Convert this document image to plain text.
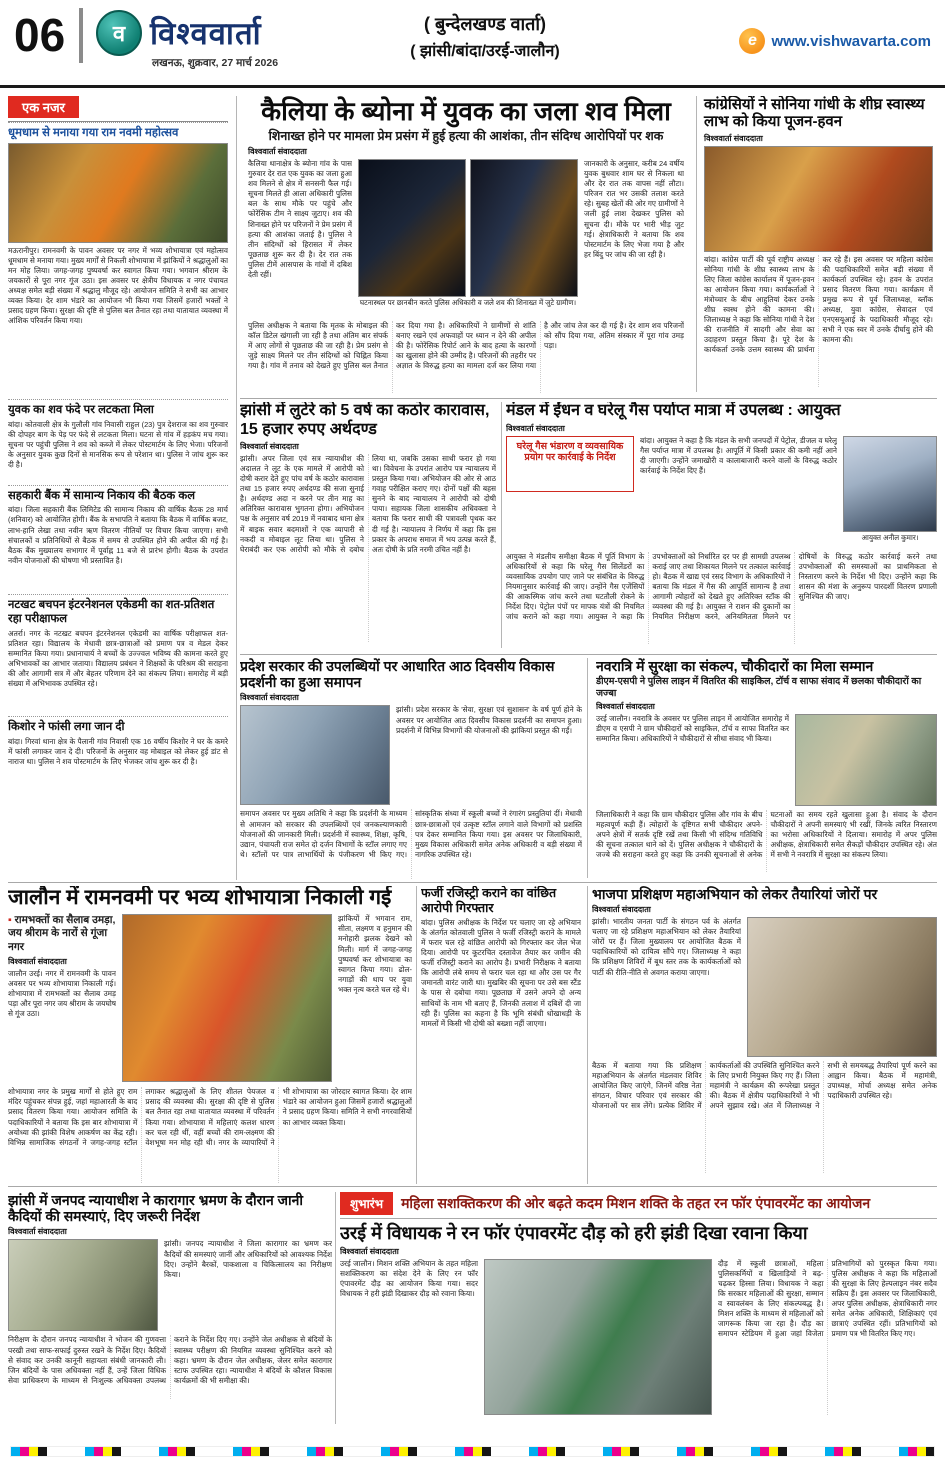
06	व विश्ववार्ता
लखनऊ, शुक्रवार, 27 मार्च 2026
( बुन्देलखण्ड वार्ता)
( झांसी/बांदा/उरई-जालौन)
e www.vishwavarta.com
एक नजर
धूमधाम से मनाया गया राम नवमी महोत्सव
मऊरानीपुर। रामनवमी के पावन अवसर पर नगर में भव्य शोभायात्रा एवं महोत्सव धूमधाम से मनाया गया। मुख्य मार्गों से निकली शोभायात्रा में झांकियों ने श्रद्धालुओं का मन मोह लिया। जगह-जगह पुष्पवर्षा कर स्वागत किया गया। भगवान श्रीराम के जयकारों से पूरा नगर गूंज उठा। इस अवसर पर क्षेत्रीय विधायक व नगर पंचायत अध्यक्ष समेत बड़ी संख्या में श्रद्धालु मौजूद रहे। आयोजन समिति ने सभी का आभार व्यक्त किया। देर शाम भंडारे का आयोजन भी किया गया जिसमें हजारों भक्तों ने प्रसाद ग्रहण किया। सुरक्षा की दृष्टि से पुलिस बल तैनात रहा तथा यातायात व्यवस्था में आंशिक परिवर्तन किया गया।
युवक का शव फंदे पर लटकता मिला
बांदा। कोतवाली क्षेत्र के गुलौली गांव निवासी राहुल (23) पुत्र देशराज का शव गुरुवार की दोपहर बाग के पेड़ पर फंदे से लटकता मिला। घटना से गांव में हड़कंप मच गया। सूचना पर पहुंची पुलिस ने शव को कब्जे में लेकर पोस्टमार्टम के लिए भेजा। परिजनों के अनुसार युवक कुछ दिनों से मानसिक रूप से परेशान था। पुलिस ने जांच शुरू कर दी है।
सहकारी बैंक में सामान्य निकाय की बैठक कल
बांदा। जिला सहकारी बैंक लिमिटेड की सामान्य निकाय की वार्षिक बैठक 28 मार्च (शनिवार) को आयोजित होगी। बैंक के सभापति ने बताया कि बैठक में वार्षिक बजट, लाभ-हानि लेखा तथा नवीन ऋण वितरण नीतियों पर विचार किया जाएगा। सभी संचालकों व प्रतिनिधियों से बैठक में समय से उपस्थित होने की अपील की गई है। बैठक बैंक मुख्यालय सभागार में पूर्वाह्न 11 बजे से प्रारंभ होगी। बैठक के उपरांत नवीन योजनाओं की घोषणा भी प्रस्तावित है।
नटखट बचपन इंटरनेशनल एकेडमी का शत-प्रतिशत रहा परीक्षाफल
अतर्रा। नगर के नटखट बचपन इंटरनेशनल एकेडमी का वार्षिक परीक्षाफल शत-प्रतिशत रहा। विद्यालय के मेधावी छात्र-छात्राओं को प्रमाण पत्र व मेडल देकर सम्मानित किया गया। प्रधानाचार्य ने बच्चों के उज्ज्वल भविष्य की कामना करते हुए अभिभावकों का आभार जताया। विद्यालय प्रबंधन ने शिक्षकों के परिश्रम की सराहना की और आगामी सत्र में और बेहतर परिणाम देने का संकल्प लिया। समारोह में बड़ी संख्या में अभिभावक उपस्थित रहे।
किशोर ने फांसी लगा जान दी
बांदा। गिरवां थाना क्षेत्र के पैलानी गांव निवासी एक 16 वर्षीय किशोर ने घर के कमरे में फांसी लगाकर जान दे दी। परिजनों के अनुसार वह मोबाइल को लेकर हुई डांट से नाराज था। पुलिस ने शव पोस्टमार्टम के लिए भेजकर जांच शुरू कर दी है।
कैलिया के ब्योना में युवक का जला शव मिला
शिनाख्त होने पर मामला प्रेम प्रसंग में हुई हत्या की आशंका, तीन संदिग्ध आरोपियों पर शक
विश्ववार्ता संवाददाता
कैलिया थानाक्षेत्र के ब्योना गांव के पास गुरुवार देर रात एक युवक का जला हुआ शव मिलने से क्षेत्र में सनसनी फैल गई। सूचना मिलते ही आला अधिकारी पुलिस बल के साथ मौके पर पहुंचे और फोरेंसिक टीम ने साक्ष्य जुटाए। शव की शिनाख्त होने पर परिजनों ने प्रेम प्रसंग में हत्या की आशंका जताई है। पुलिस ने तीन संदिग्धों को हिरासत में लेकर पूछताछ शुरू कर दी है। देर रात तक पुलिस टीमें आसपास के गांवों में दबिश देती रहीं।
घटनास्थल पर छानबीन करते पुलिस अधिकारी व जले शव की शिनाख्त में जुटे ग्रामीण।
जानकारी के अनुसार, करीब 24 वर्षीय युवक बुधवार शाम घर से निकला था और देर रात तक वापस नहीं लौटा। परिजन रात भर उसकी तलाश करते रहे। सुबह खेतों की ओर गए ग्रामीणों ने जली हुई लाश देखकर पुलिस को सूचना दी। मौके पर भारी भीड़ जुट गई। क्षेत्राधिकारी ने बताया कि शव पोस्टमार्टम के लिए भेजा गया है और हर बिंदु पर जांच की जा रही है।
पुलिस अधीक्षक ने बताया कि मृतक के मोबाइल की कॉल डिटेल खंगाली जा रही है तथा अंतिम बार संपर्क में आए लोगों से पूछताछ की जा रही है। प्रेम प्रसंग से जुड़े साक्ष्य मिलने पर तीन संदिग्धों को चिह्नित किया गया है। गांव में तनाव को देखते हुए पुलिस बल तैनात कर दिया गया है। अधिकारियों ने ग्रामीणों से शांति बनाए रखने एवं अफवाहों पर ध्यान न देने की अपील की है। फोरेंसिक रिपोर्ट आने के बाद हत्या के कारणों का खुलासा होने की उम्मीद है। परिजनों की तहरीर पर अज्ञात के विरुद्ध हत्या का मामला दर्ज कर लिया गया है और जांच तेज कर दी गई है। देर शाम शव परिजनों को सौंप दिया गया, अंतिम संस्कार में पूरा गांव उमड़ पड़ा।
कांग्रेसियों ने सोनिया गांधी के शीघ्र स्वास्थ्य लाभ को किया पूजन-हवन
विश्ववार्ता संवाददाता
बांदा। कांग्रेस पार्टी की पूर्व राष्ट्रीय अध्यक्ष सोनिया गांधी के शीघ्र स्वास्थ्य लाभ के लिए जिला कांग्रेस कार्यालय में पूजन-हवन का आयोजन किया गया। कार्यकर्ताओं ने मंत्रोच्चार के बीच आहुतियां देकर उनके शीघ्र स्वस्थ होने की कामना की। जिलाध्यक्ष ने कहा कि सोनिया गांधी ने देश की राजनीति में सादगी और सेवा का उदाहरण प्रस्तुत किया है। पूरे देश के कार्यकर्ता उनके उत्तम स्वास्थ्य की प्रार्थना कर रहे हैं। इस अवसर पर महिला कांग्रेस की पदाधिकारियों समेत बड़ी संख्या में कार्यकर्ता उपस्थित रहे। हवन के उपरांत प्रसाद वितरण किया गया। कार्यक्रम में प्रमुख रूप से पूर्व जिलाध्यक्ष, ब्लॉक अध्यक्ष, युवा कांग्रेस, सेवादल एवं एनएसयूआई के पदाधिकारी मौजूद रहे। सभी ने एक स्वर में उनके दीर्घायु होने की कामना की।
झांसी में लुटेरे को 5 वर्ष का कठोर कारावास, 15 हजार रुपए अर्थदण्ड
विश्ववार्ता संवाददाता
झांसी। अपर जिला एवं सत्र न्यायाधीश की अदालत ने लूट के एक मामले में आरोपी को दोषी करार देते हुए पांच वर्ष के कठोर कारावास तथा 15 हजार रुपए अर्थदण्ड की सजा सुनाई है। अर्थदण्ड अदा न करने पर तीन माह का अतिरिक्त कारावास भुगतना होगा। अभियोजन पक्ष के अनुसार वर्ष 2019 में नवाबाद थाना क्षेत्र में बाइक सवार बदमाशों ने एक व्यापारी से नकदी व मोबाइल लूट लिया था। पुलिस ने घेराबंदी कर एक आरोपी को मौके से दबोच लिया था, जबकि उसका साथी फरार हो गया था। विवेचना के उपरांत आरोप पत्र न्यायालय में प्रस्तुत किया गया। अभियोजन की ओर से आठ गवाह परीक्षित कराए गए। दोनों पक्षों की बहस सुनने के बाद न्यायालय ने आरोपी को दोषी पाया। सहायक जिला शासकीय अधिवक्ता ने बताया कि फरार साथी की पत्रावली पृथक कर दी गई है। न्यायालय ने निर्णय में कहा कि इस प्रकार के अपराध समाज में भय उत्पन्न करते हैं, अतः दोषी के प्रति नरमी उचित नहीं है।
मंडल में ईंधन व घरेलू गैस पर्याप्त मात्रा में उपलब्ध : आयुक्त
विश्ववार्ता संवाददाता
घरेलू गैस भंडारण व व्यवसायिक प्रयोग पर कार्रवाई के निर्देश
बांदा। आयुक्त ने कहा है कि मंडल के सभी जनपदों में पेट्रोल, डीजल व घरेलू गैस पर्याप्त मात्रा में उपलब्ध है। आपूर्ति में किसी प्रकार की कमी नहीं आने दी जाएगी। उन्होंने जमाखोरी व कालाबाजारी करने वालों के विरुद्ध कठोर कार्रवाई के निर्देश दिए हैं।
आयुक्त अनील कुमार।
आयुक्त ने मंडलीय समीक्षा बैठक में पूर्ति विभाग के अधिकारियों से कहा कि घरेलू गैस सिलेंडरों का व्यवसायिक उपयोग पाए जाने पर संबंधित के विरुद्ध नियमानुसार कार्रवाई की जाए। उन्होंने गैस एजेंसियों की आकस्मिक जांच करने तथा घटतौली रोकने के निर्देश दिए। पेट्रोल पंपों पर मापक यंत्रों की नियमित जांच कराने को कहा गया। आयुक्त ने कहा कि उपभोक्ताओं को निर्धारित दर पर ही सामग्री उपलब्ध कराई जाए तथा शिकायत मिलने पर तत्काल कार्रवाई हो। बैठक में खाद्य एवं रसद विभाग के अधिकारियों ने बताया कि मंडल में गैस की आपूर्ति सामान्य है तथा आगामी त्योहारों को देखते हुए अतिरिक्त स्टॉक की व्यवस्था की गई है। आयुक्त ने राशन की दुकानों का नियमित निरीक्षण करने, अनियमितता मिलने पर दोषियों के विरुद्ध कठोर कार्रवाई करने तथा उपभोक्ताओं की समस्याओं का प्राथमिकता से निस्तारण करने के निर्देश भी दिए। उन्होंने कहा कि शासन की मंशा के अनुरूप पारदर्शी वितरण प्रणाली सुनिश्चित की जाए।
प्रदेश सरकार की उपलब्धियों पर आधारित आठ दिवसीय विकास प्रदर्शनी का हुआ समापन
विश्ववार्ता संवाददाता
झांसी। प्रदेश सरकार के 'सेवा, सुरक्षा एवं सुशासन' के वर्ष पूर्ण होने के अवसर पर आयोजित आठ दिवसीय विकास प्रदर्शनी का समापन हुआ। प्रदर्शनी में विभिन्न विभागों की योजनाओं की झांकियां प्रस्तुत की गईं।
समापन अवसर पर मुख्य अतिथि ने कहा कि प्रदर्शनी के माध्यम से आमजन को सरकार की उपलब्धियों एवं जनकल्याणकारी योजनाओं की जानकारी मिली। प्रदर्शनी में स्वास्थ्य, शिक्षा, कृषि, उद्यान, पंचायती राज समेत दो दर्जन विभागों के स्टॉल लगाए गए थे। स्टॉलों पर पात्र लाभार्थियों के पंजीकरण भी किए गए। सांस्कृतिक संध्या में स्कूली बच्चों ने रंगारंग प्रस्तुतियां दीं। मेधावी छात्र-छात्राओं एवं उत्कृष्ट स्टॉल लगाने वाले विभागों को प्रशस्ति पत्र देकर सम्मानित किया गया। इस अवसर पर जिलाधिकारी, मुख्य विकास अधिकारी समेत अनेक अधिकारी व बड़ी संख्या में नागरिक उपस्थित रहे।
नवरात्रि में सुरक्षा का संकल्प, चौकीदारों का मिला सम्मान
डीएम-एसपी ने पुलिस लाइन में वितरित की साइकिल, टॉर्च व साफा संवाद में छलका चौकीदारों का जज्बा
विश्ववार्ता संवाददाता
उरई जालौन। नवरात्रि के अवसर पर पुलिस लाइन में आयोजित समारोह में डीएम व एसपी ने ग्राम चौकीदारों को साइकिल, टॉर्च व साफा वितरित कर सम्मानित किया। अधिकारियों ने चौकीदारों से सीधा संवाद भी किया।
जिलाधिकारी ने कहा कि ग्राम चौकीदार पुलिस और गांव के बीच महत्वपूर्ण कड़ी हैं। त्योहारों के दृष्टिगत सभी चौकीदार अपने-अपने क्षेत्रों में सतर्क दृष्टि रखें तथा किसी भी संदिग्ध गतिविधि की सूचना तत्काल थाने को दें। पुलिस अधीक्षक ने चौकीदारों के जज्बे की सराहना करते हुए कहा कि उनकी सूचनाओं से अनेक घटनाओं का समय रहते खुलासा हुआ है। संवाद के दौरान चौकीदारों ने अपनी समस्याएं भी रखीं, जिनके त्वरित निस्तारण का भरोसा अधिकारियों ने दिलाया। समारोह में अपर पुलिस अधीक्षक, क्षेत्राधिकारी समेत सैकड़ों चौकीदार उपस्थित रहे। अंत में सभी ने नवरात्रि में सुरक्षा का संकल्प लिया।
जालौन में रामनवमी पर भव्य शोभायात्रा निकाली गई
▪ रामभक्तों का सैलाब उमड़ा, जय श्रीराम के नारों से गूंजा नगर
विश्ववार्ता संवाददाता
जालौन उरई। नगर में रामनवमी के पावन अवसर पर भव्य शोभायात्रा निकाली गई। शोभायात्रा में रामभक्तों का सैलाब उमड़ पड़ा और पूरा नगर जय श्रीराम के जयघोष से गूंज उठा।
झांकियों में भगवान राम, सीता, लक्ष्मण व हनुमान की मनोहारी झलक देखने को मिली। मार्ग में जगह-जगह पुष्पवर्षा कर शोभायात्रा का स्वागत किया गया। ढोल-नगाड़ों की थाप पर युवा भक्त नृत्य करते चल रहे थे।
शोभायात्रा नगर के प्रमुख मार्गों से होते हुए राम मंदिर पहुंचकर संपन्न हुई, जहां महाआरती के बाद प्रसाद वितरण किया गया। आयोजन समिति के पदाधिकारियों ने बताया कि इस बार शोभायात्रा में अयोध्या की झांकी विशेष आकर्षण का केंद्र रही। विभिन्न सामाजिक संगठनों ने जगह-जगह स्टॉल लगाकर श्रद्धालुओं के लिए शीतल पेयजल व प्रसाद की व्यवस्था की। सुरक्षा की दृष्टि से पुलिस बल तैनात रहा तथा यातायात व्यवस्था में परिवर्तन किया गया। शोभायात्रा में महिलाएं कलश धारण कर चल रही थीं, वहीं बच्चों की राम-लक्ष्मण की वेशभूषा मन मोह रही थी। नगर के व्यापारियों ने भी शोभायात्रा का जोरदार स्वागत किया। देर शाम भंडारे का आयोजन हुआ जिसमें हजारों श्रद्धालुओं ने प्रसाद ग्रहण किया। समिति ने सभी नगरवासियों का आभार व्यक्त किया।
फर्जी रजिस्ट्री कराने का वांछित आरोपी गिरफ्तार
बांदा। पुलिस अधीक्षक के निर्देश पर चलाए जा रहे अभियान के अंतर्गत कोतवाली पुलिस ने फर्जी रजिस्ट्री कराने के मामले में फरार चल रहे वांछित आरोपी को गिरफ्तार कर जेल भेज दिया। आरोपी पर कूटरचित दस्तावेज तैयार कर जमीन की फर्जी रजिस्ट्री कराने का आरोप है। प्रभारी निरीक्षक ने बताया कि आरोपी लंबे समय से फरार चल रहा था और उस पर गैर जमानती वारंट जारी था। मुखबिर की सूचना पर उसे बस स्टैंड के पास से दबोचा गया। पूछताछ में उसने अपने दो अन्य साथियों के नाम भी बताए हैं, जिनकी तलाश में दबिशें दी जा रही हैं। पुलिस का कहना है कि भूमि संबंधी धोखाधड़ी के मामलों में किसी भी दोषी को बख्शा नहीं जाएगा।
भाजपा प्रशिक्षण महाअभियान को लेकर तैयारियां जोरों पर
विश्ववार्ता संवाददाता
झांसी। भारतीय जनता पार्टी के संगठन पर्व के अंतर्गत चलाए जा रहे प्रशिक्षण महाअभियान को लेकर तैयारियां जोरों पर हैं। जिला मुख्यालय पर आयोजित बैठक में पदाधिकारियों को दायित्व सौंपे गए। जिलाध्यक्ष ने कहा कि प्रशिक्षण शिविरों में बूथ स्तर तक के कार्यकर्ताओं को पार्टी की रीति-नीति से अवगत कराया जाएगा।
बैठक में बताया गया कि प्रशिक्षण महाअभियान के अंतर्गत मंडलवार शिविर आयोजित किए जाएंगे, जिनमें वरिष्ठ नेता संगठन, विचार परिवार एवं सरकार की योजनाओं पर सत्र लेंगे। प्रत्येक शिविर में कार्यकर्ताओं की उपस्थिति सुनिश्चित करने के लिए प्रभारी नियुक्त किए गए हैं। जिला महामंत्री ने कार्यक्रम की रूपरेखा प्रस्तुत की। बैठक में क्षेत्रीय पदाधिकारियों ने भी अपने सुझाव रखे। अंत में जिलाध्यक्ष ने सभी से समयबद्ध तैयारियां पूर्ण करने का आह्वान किया। बैठक में महामंत्री, उपाध्यक्ष, मोर्चा अध्यक्ष समेत अनेक पदाधिकारी उपस्थित रहे।
झांसी में जनपद न्यायाधीश ने कारागार भ्रमण के दौरान जानी कैदियों की समस्याएं, दिए जरूरी निर्देश
विश्ववार्ता संवाददाता
झांसी। जनपद न्यायाधीश ने जिला कारागार का भ्रमण कर कैदियों की समस्याएं जानीं और अधिकारियों को आवश्यक निर्देश दिए। उन्होंने बैरकों, पाकशाला व चिकित्सालय का निरीक्षण किया।
निरीक्षण के दौरान जनपद न्यायाधीश ने भोजन की गुणवत्ता परखी तथा साफ-सफाई दुरुस्त रखने के निर्देश दिए। कैदियों से संवाद कर उनकी कानूनी सहायता संबंधी जानकारी ली। जिन बंदियों के पास अधिवक्ता नहीं हैं, उन्हें जिला विधिक सेवा प्राधिकरण के माध्यम से निःशुल्क अधिवक्ता उपलब्ध कराने के निर्देश दिए गए। उन्होंने जेल अधीक्षक से बंदियों के स्वास्थ्य परीक्षण की नियमित व्यवस्था सुनिश्चित करने को कहा। भ्रमण के दौरान जेल अधीक्षक, जेलर समेत कारागार स्टाफ उपस्थित रहा। न्यायाधीश ने बंदियों के कौशल विकास कार्यक्रमों की भी समीक्षा की।
शुभारंभ	महिला सशक्तिकरण की ओर बढ़ते कदम मिशन शक्ति के तहत रन फॉर एंपावरमेंट का आयोजन
उरई में विधायक ने रन फॉर एंपावरमेंट दौड़ को हरी झंडी दिखा रवाना किया
विश्ववार्ता संवाददाता
उरई जालौन। मिशन शक्ति अभियान के तहत महिला सशक्तिकरण का संदेश देने के लिए रन फॉर एंपावरमेंट दौड़ का आयोजन किया गया। सदर विधायक ने हरी झंडी दिखाकर दौड़ को रवाना किया।
दौड़ में स्कूली छात्राओं, महिला पुलिसकर्मियों व खिलाड़ियों ने बढ़-चढ़कर हिस्सा लिया। विधायक ने कहा कि सरकार महिलाओं की सुरक्षा, सम्मान व स्वावलंबन के लिए संकल्पबद्ध है। मिशन शक्ति के माध्यम से महिलाओं को जागरूक किया जा रहा है। दौड़ का समापन स्टेडियम में हुआ जहां विजेता प्रतिभागियों को पुरस्कृत किया गया। पुलिस अधीक्षक ने कहा कि महिलाओं की सुरक्षा के लिए हेल्पलाइन नंबर सदैव सक्रिय हैं। इस अवसर पर जिलाधिकारी, अपर पुलिस अधीक्षक, क्षेत्राधिकारी नगर समेत अनेक अधिकारी, शिक्षिकाएं एवं छात्राएं उपस्थित रहीं। प्रतिभागियों को प्रमाण पत्र भी वितरित किए गए।
